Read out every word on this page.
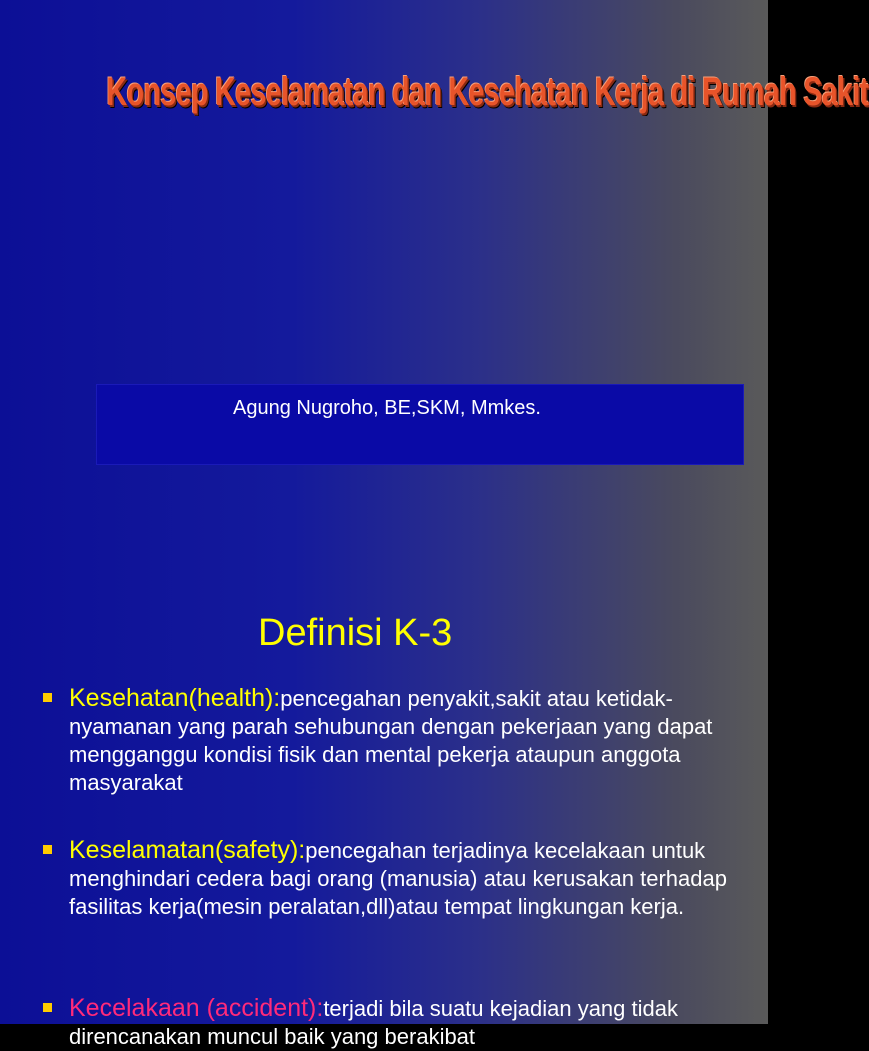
Konsep Keselamatan dan Kesehatan Kerja di Rumah Sakit
Agung Nugroho, BE,SKM, Mmkes.
Definisi K-3
Kesehatan(health):pencegahan penyakit,sakit atau ketidak-nyamanan yang parah sehubungan dengan pekerjaan yang dapat mengganggu kondisi fisik dan mental pekerja ataupun anggota masyarakat
Keselamatan(safety):pencegahan terjadinya kecelakaan untuk menghindari cedera bagi orang (manusia) atau kerusakan terhadap fasilitas kerja(mesin peralatan,dll)atau tempat lingkungan kerja.
Kecelakaan (accident):terjadi bila suatu kejadian yang tidak direncanakan muncul baik yang berakibat
